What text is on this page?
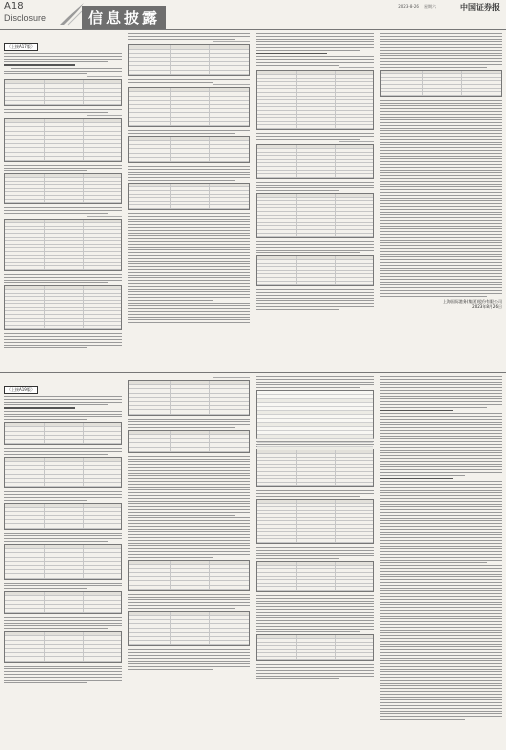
A18
Disclosure	信息披露
2023-8-26 星期六	中国证券报
（上接A17版）
上海国际港务(集团)股份有限公司
2023年8月26日
（上接A19版）
